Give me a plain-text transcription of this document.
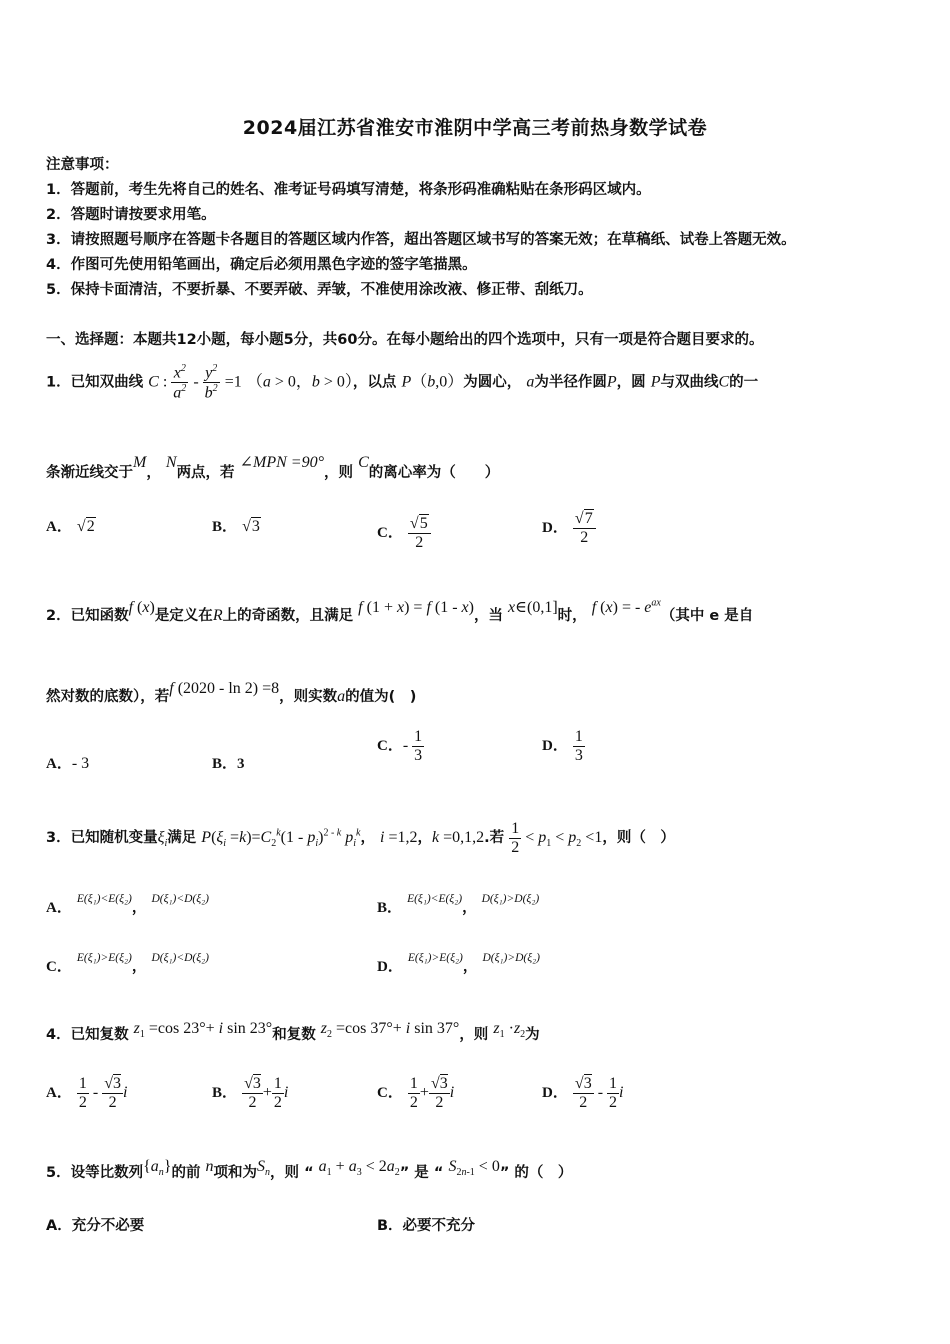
2024届江苏省淮安市淮阴中学高三考前热身数学试卷
注意事项：
1．答题前，考生先将自己的姓名、准考证号码填写清楚，将条形码准确粘贴在条形码区域内。
2．答题时请按要求用笔。
3．请按照题号顺序在答题卡各题目的答题区域内作答，超出答题区域书写的答案无效；在草稿纸、试卷上答题无效。
4．作图可先使用铅笔画出，确定后必须用黑色字迹的签字笔描黑。
5．保持卡面清洁，不要折暴、不要弄破、弄皱，不准使用涂改液、修正带、刮纸刀。
一、选择题：本题共12小题，每小题5分，共60分。在每小题给出的四个选项中，只有一项是符合题目要求的。
1．已知双曲线 C : $\frac{x^2}{a^2} - \frac{y^2}{b^2} =1$ （a > 0，b > 0），以点 P（b,0）为圆心， a为半径作圆P，圆 P与双曲线C的一
条渐近线交于M， N两点，若 ∠MPN =90°，则 C的离心率为（　　）
A． √2	B． √3	C． $\frac{√5}{2}$	D． $\frac{√7}{2}$
2．已知函数f (x)是定义在R上的奇函数，且满足 f (1 + x) = f (1 - x)，当 x∈(0,1]时， f (x) = - $e^{ax}$（其中 e 是自
然对数的底数），若f (2020 - ln 2) =8，则实数a的值为(　)
A．- 3	B．3
C．- $\frac{1}{3}$	D． $\frac{1}{3}$
3．已知随机变量$\xi_i$满足 $P(\xi_i =k)=C_2^k(1 - p_i)^{2 - k}$ $p_i^k$， i =1,2，k =0,1,2.若 $\frac{1}{2} < p_1 < p_2 <1$，则（　）
A． $^{E(\xi_1)<E(\xi_2)}$， $^{D(\xi_1)<D(\xi_2)}$
B． $^{E(\xi_1)<E(\xi_2)}$， $^{D(\xi_1)>D(\xi_2)}$
C． $^{E(\xi_1)>E(\xi_2)}$， $^{D(\xi_1)<D(\xi_2)}$
D． $^{E(\xi_1)>E(\xi_2)}$， $^{D(\xi_1)>D(\xi_2)}$
4．已知复数 $z_1 =\cos$ 23°+ i sin 23°和复数 $z_2 =\cos$ 37°+ i sin 37°，则 $z_1 \cdot z_2$为
A． $\frac{1}{2} - \frac{√3}{2}$ i	B． $\frac{√3}{2} + \frac{1}{2}$ i	C． $\frac{1}{2} + \frac{√3}{2}$ i	D． $\frac{√3}{2} - \frac{1}{2}$ i
5．设等比数列$\{a_n\}$的前 n项和为$S_n$，则 “ $a_1 + a_3 < 2a_2$” 是 “ $S_{2n-1} < 0$” 的（　）
A．充分不必要	B．必要不充分
